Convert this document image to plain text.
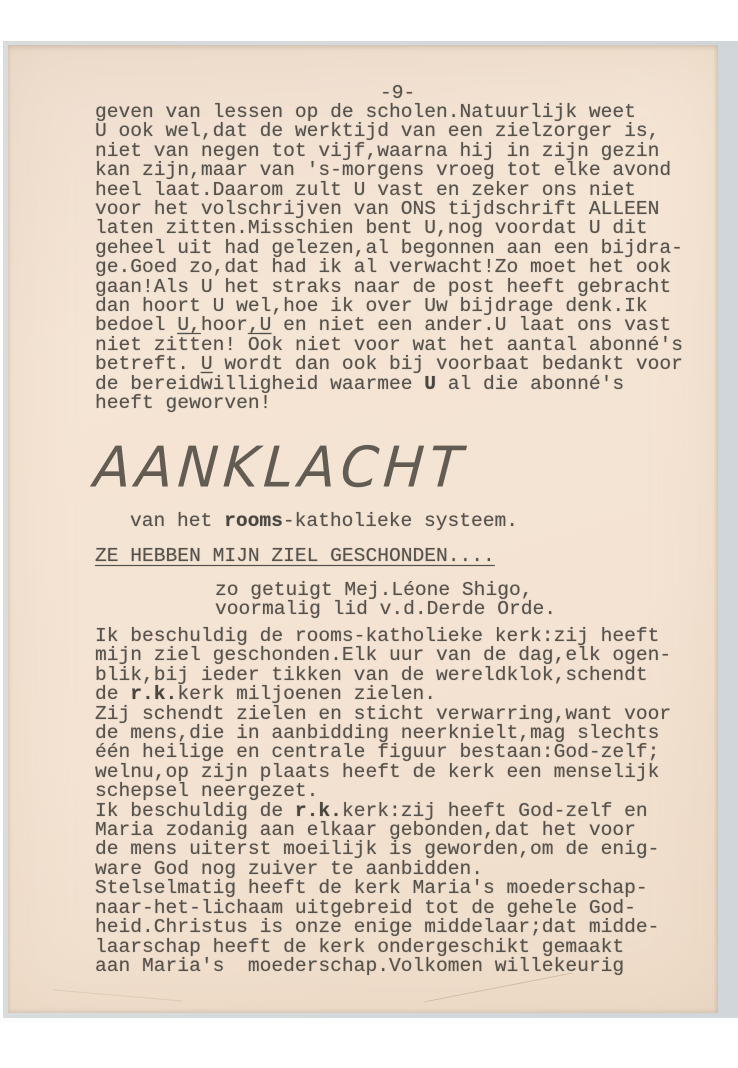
-9-
geven van lessen op de scholen.Natuurlijk weet
U ook wel,dat de werktijd van een zielzorger is,
niet van negen tot vijf,waarna hij in zijn gezin
kan zijn,maar van 's-morgens vroeg tot elke avond
heel laat.Daarom zult U vast en zeker ons niet
voor het volschrijven van ONS tijdschrift ALLEEN
laten zitten.Misschien bent U,nog voordat U dit
geheel uit had gelezen,al begonnen aan een bijdra-
ge.Goed zo,dat had ik al verwacht!Zo moet het ook
gaan!Als U het straks naar de post heeft gebracht
dan hoort U wel,hoe ik over Uw bijdrage denk.Ik
bedoel U,hoor,U en niet een ander.U laat ons vast
niet $zi\overline{tt}en$! $\overline{Oo}k$ niet voor wat het aantal abonné's
betreft. U wordt dan ook bij voorbaat bedankt voor
de $bereid\overline{w}illigheid$ waarmee U al die abonné's
heeft geworven!
AANKLACHT
van het rooms-katholieke systeem.
ZE HEBBEN MIJN ZIEL GESCHONDEN....
zo getuigt Mej.Léone Shigo,
voormalig lid v.d.Derde Orde.
Ik beschuldig de rooms-katholieke kerk:zij heeft
mijn ziel geschonden.Elk uur van de dag,elk ogen-
blik,bij ieder tikken van de wereldklok,schendt
de r.k.kerk miljoenen zielen.
Zij schendt zielen en sticht verwarring,want voor
de mens,die in aanbidding neerknielt,mag slechts
één heilige en centrale figuur bestaan:God-zelf;
welnu,op zijn plaats heeft de kerk een menselijk
schepsel neergezet.
Ik beschuldig de r.k.kerk:zij heeft God-zelf en
Maria zodanig aan elkaar gebonden,dat het voor
de mens uiterst moeilijk is geworden,om de enig-
ware God nog zuiver te aanbidden.
Stelselmatig heeft de kerk Maria's moederschap-
naar-het-lichaam uitgebreid tot de gehele God-
heid.Christus is onze enige middelaar;dat midde-
laarschap heeft de kerk ondergeschikt gemaakt
aan Maria's  moederschap.Volkomen willekeurig
